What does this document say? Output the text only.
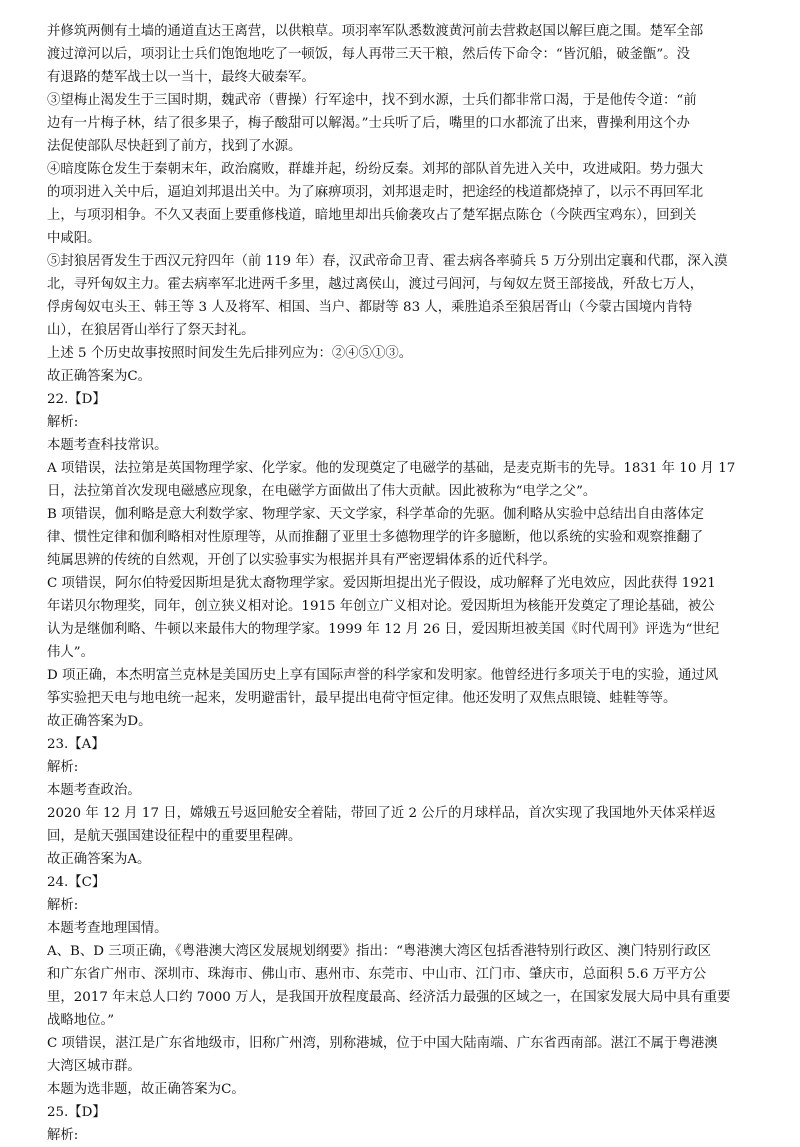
并修筑两侧有土墙的通道直达王离营，以供粮草。项羽率军队悉数渡黄河前去营救赵国以解巨鹿之围。楚军全部
渡过漳河以后，项羽让士兵们饱饱地吃了一顿饭，每人再带三天干粮，然后传下命令：“皆沉船，破釜甑”。没
有退路的楚军战士以一当十，最终大破秦军。
③望梅止渴发生于三国时期，魏武帝（曹操）行军途中，找不到水源，士兵们都非常口渴，于是他传令道：“前
边有一片梅子林，结了很多果子，梅子酸甜可以解渴。”士兵听了后，嘴里的口水都流了出来，曹操利用这个办
法促使部队尽快赶到了前方，找到了水源。
④暗度陈仓发生于秦朝末年，政治腐败，群雄并起，纷纷反秦。刘邦的部队首先进入关中，攻进咸阳。势力强大
的项羽进入关中后，逼迫刘邦退出关中。为了麻痹项羽，刘邦退走时，把途经的栈道都烧掉了，以示不再回军北
上，与项羽相争。不久又表面上要重修栈道，暗地里却出兵偷袭攻占了楚军据点陈仓（今陕西宝鸡东），回到关
中咸阳。
⑤封狼居胥发生于西汉元狩四年（前 119 年）春，汉武帝命卫青、霍去病各率骑兵 5 万分别出定襄和代郡，深入漠
北，寻歼匈奴主力。霍去病率军北进两千多里，越过离侯山，渡过弓闾河，与匈奴左贤王部接战，歼敌七万人，
俘虏匈奴屯头王、韩王等 3 人及将军、相国、当户、都尉等 83 人，乘胜追杀至狼居胥山（今蒙古国境内肯特
山），在狼居胥山举行了祭天封礼。
上述 5 个历史故事按照时间发生先后排列应为：②④⑤①③。
故正确答案为C。
22.【D】
解析:
本题考查科技常识。
A 项错误，法拉第是英国物理学家、化学家。他的发现奠定了电磁学的基础，是麦克斯韦的先导。1831 年 10 月 17
日，法拉第首次发现电磁感应现象，在电磁学方面做出了伟大贡献。因此被称为“电学之父”。
B 项错误，伽利略是意大利数学家、物理学家、天文学家，科学革命的先驱。伽利略从实验中总结出自由落体定
律、惯性定律和伽利略相对性原理等，从而推翻了亚里士多德物理学的许多臆断，他以系统的实验和观察推翻了
纯属思辨的传统的自然观，开创了以实验事实为根据并具有严密逻辑体系的近代科学。
C 项错误，阿尔伯特爱因斯坦是犹太裔物理学家。爱因斯坦提出光子假设，成功解释了光电效应，因此获得 1921
年诺贝尔物理奖，同年，创立狭义相对论。1915 年创立广义相对论。爱因斯坦为核能开发奠定了理论基础，被公
认为是继伽利略、牛顿以来最伟大的物理学家。1999 年 12 月 26 日，爱因斯坦被美国《时代周刊》评选为“世纪
伟人”。
D 项正确，本杰明富兰克林是美国历史上享有国际声誉的科学家和发明家。他曾经进行多项关于电的实验，通过风
筝实验把天电与地电统一起来，发明避雷针，最早提出电荷守恒定律。他还发明了双焦点眼镜、蛙鞋等等。
故正确答案为D。
23.【A】
解析:
本题考查政治。
2020 年 12 月 17 日，嫦娥五号返回舱安全着陆，带回了近 2 公斤的月球样品，首次实现了我国地外天体采样返
回，是航天强国建设征程中的重要里程碑。
故正确答案为A。
24.【C】
解析:
本题考查地理国情。
A、B、D 三项正确，《粤港澳大湾区发展规划纲要》指出：“粤港澳大湾区包括香港特别行政区、澳门特别行政区
和广东省广州市、深圳市、珠海市、佛山市、惠州市、东莞市、中山市、江门市、肇庆市，总面积 5.6 万平方公
里，2017 年末总人口约 7000 万人，是我国开放程度最高、经济活力最强的区域之一，在国家发展大局中具有重要
战略地位。”
C 项错误，湛江是广东省地级市，旧称广州湾，别称港城，位于中国大陆南端、广东省西南部。湛江不属于粤港澳
大湾区城市群。
本题为选非题，故正确答案为C。
25.【D】
解析:
